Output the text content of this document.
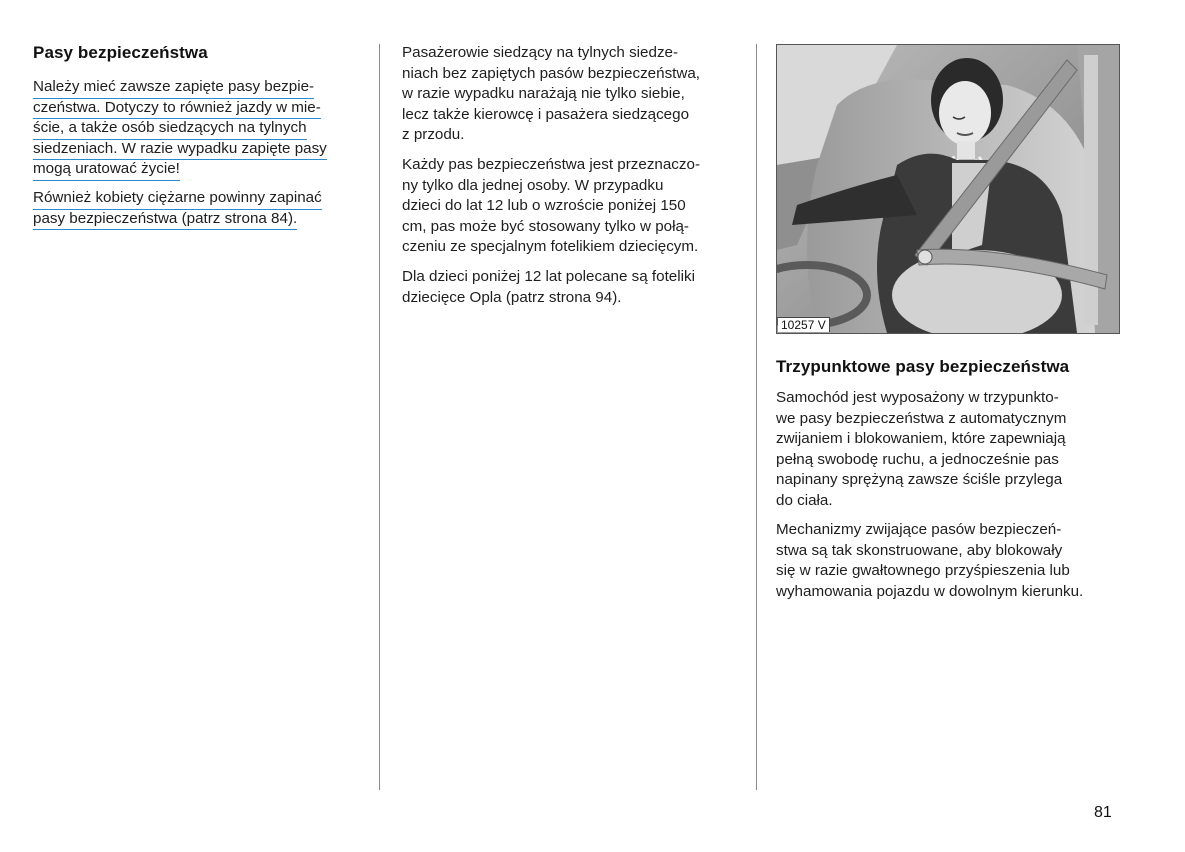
Pasy bezpieczeństwa

Należy mieć zawsze zapięte pasy bezpie-

czeństwa. Dotyczy to również jazdy w mie-

ście, a także osób siedzących na tylnych

siedzeniach. W razie wypadku zapięte pasy

mogą uratować życie!

Również kobiety ciężarne powinny zapinać

pasy bezpieczeństwa (patrz strona 84).

Pasażerowie siedzący na tylnych siedze-

niach bez zapiętych pasów bezpieczeństwa,

w razie wypadku narażają nie tylko siebie,

lecz także kierowcę i pasażera siedzącego

z przodu.

Każdy pas bezpieczeństwa jest przeznaczo-

ny tylko dla jednej osoby. W przypadku

dzieci do lat 12 lub o wzroście poniżej 150

cm, pas może być stosowany tylko w połą-

czeniu ze specjalnym fotelikiem dziecięcym.

Dla dzieci poniżej 12 lat polecane są foteliki

dziecięce Opla (patrz strona 94).

10257 V
Trzypunktowe pasy bezpieczeństwa

Samochód jest wyposażony w trzypunkto-

we pasy bezpieczeństwa z automatycznym

zwijaniem i blokowaniem, które zapewniają

pełną swobodę ruchu, a jednocześnie pas

napinany sprężyną zawsze ściśle przylega

do ciała.

Mechanizmy zwijające pasów bezpieczeń-

stwa są tak skonstruowane, aby blokowały

się w razie gwałtownego przyśpieszenia lub

wyhamowania pojazdu w dowolnym kierunku.

81
